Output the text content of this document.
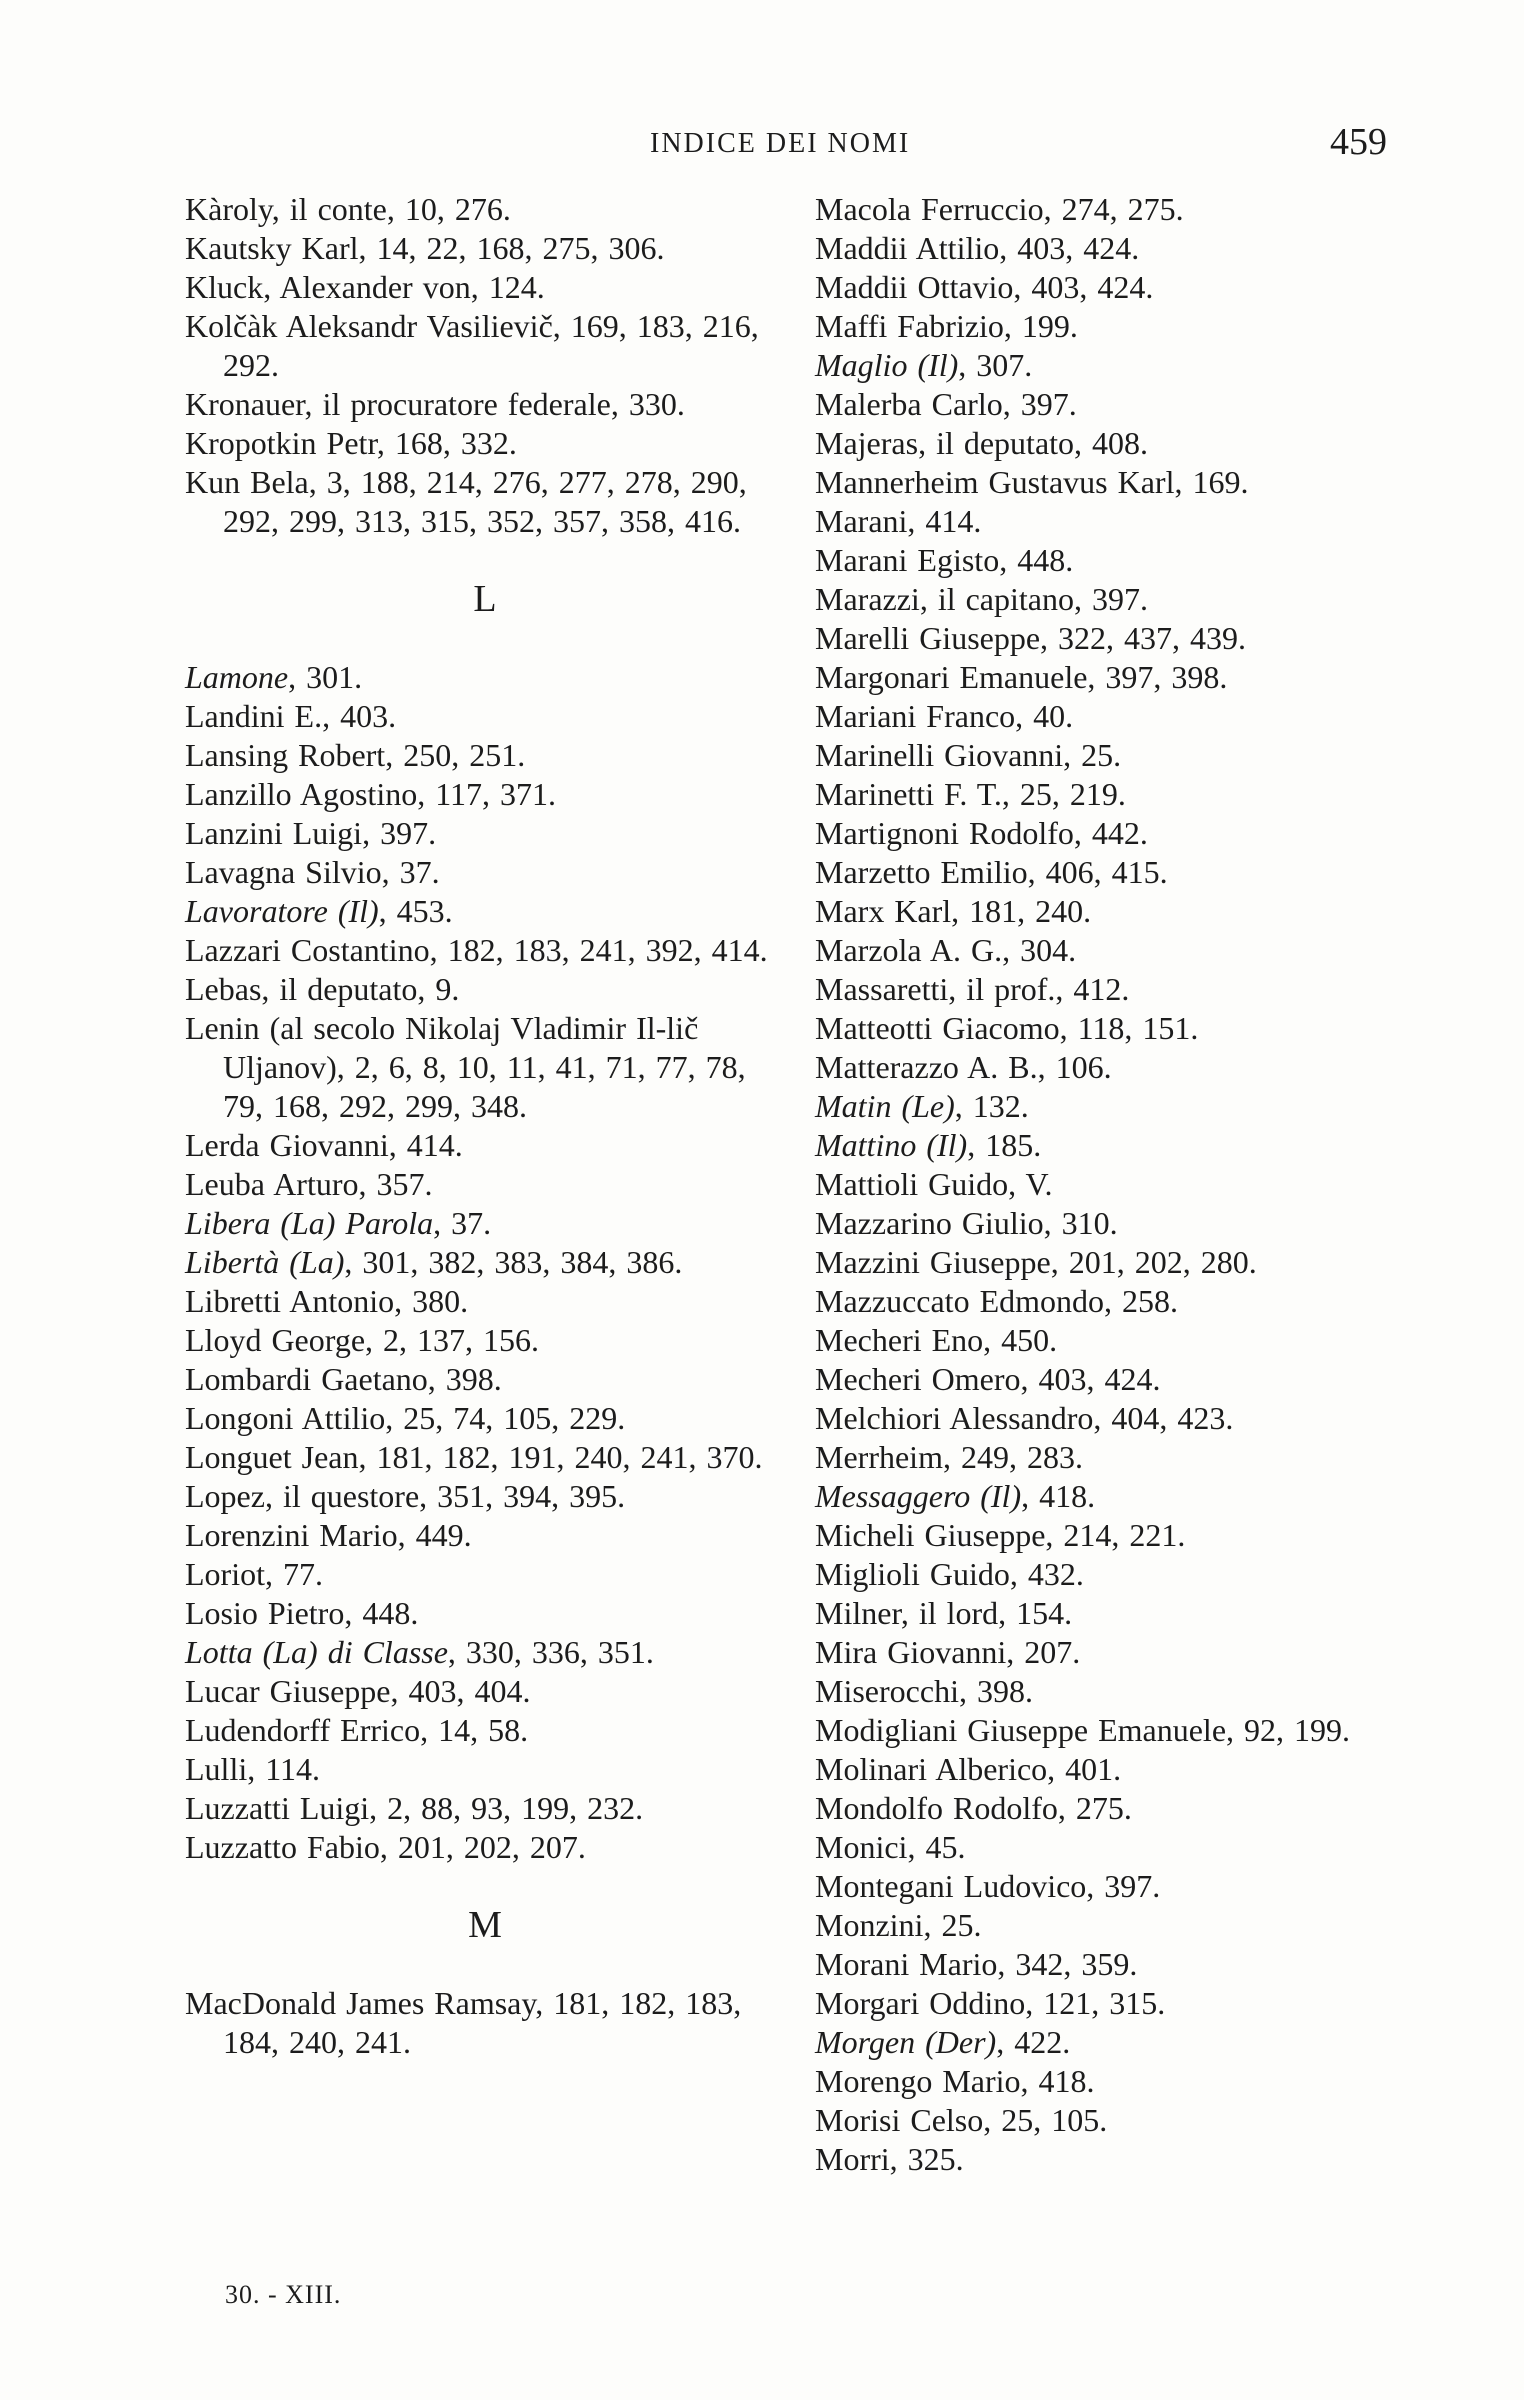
INDICE DEI NOMI	459
Kàroly, il conte, 10, 276.
Kautsky Karl, 14, 22, 168, 275, 306.
Kluck, Alexander von, 124.
Kolčàk Aleksandr Vasilievič, 169, 183, 216, 292.
Kronauer, il procuratore federale, 330.
Kropotkin Petr, 168, 332.
Kun Bela, 3, 188, 214, 276, 277, 278, 290, 292, 299, 313, 315, 352, 357, 358, 416.
L
Lamone, 301.
Landini E., 403.
Lansing Robert, 250, 251.
Lanzillo Agostino, 117, 371.
Lanzini Luigi, 397.
Lavagna Silvio, 37.
Lavoratore (Il), 453.
Lazzari Costantino, 182, 183, 241, 392, 414.
Lebas, il deputato, 9.
Lenin (al secolo Nikolaj Vladimir Il-lič Uljanov), 2, 6, 8, 10, 11, 41, 71, 77, 78, 79, 168, 292, 299, 348.
Lerda Giovanni, 414.
Leuba Arturo, 357.
Libera (La) Parola, 37.
Libertà (La), 301, 382, 383, 384, 386.
Libretti Antonio, 380.
Lloyd George, 2, 137, 156.
Lombardi Gaetano, 398.
Longoni Attilio, 25, 74, 105, 229.
Longuet Jean, 181, 182, 191, 240, 241, 370.
Lopez, il questore, 351, 394, 395.
Lorenzini Mario, 449.
Loriot, 77.
Losio Pietro, 448.
Lotta (La) di Classe, 330, 336, 351.
Lucar Giuseppe, 403, 404.
Ludendorff Errico, 14, 58.
Lulli, 114.
Luzzatti Luigi, 2, 88, 93, 199, 232.
Luzzatto Fabio, 201, 202, 207.
M
MacDonald James Ramsay, 181, 182, 183, 184, 240, 241.
Macola Ferruccio, 274, 275.
Maddii Attilio, 403, 424.
Maddii Ottavio, 403, 424.
Maffi Fabrizio, 199.
Maglio (Il), 307.
Malerba Carlo, 397.
Majeras, il deputato, 408.
Mannerheim Gustavus Karl, 169.
Marani, 414.
Marani Egisto, 448.
Marazzi, il capitano, 397.
Marelli Giuseppe, 322, 437, 439.
Margonari Emanuele, 397, 398.
Mariani Franco, 40.
Marinelli Giovanni, 25.
Marinetti F. T., 25, 219.
Martignoni Rodolfo, 442.
Marzetto Emilio, 406, 415.
Marx Karl, 181, 240.
Marzola A. G., 304.
Massaretti, il prof., 412.
Matteotti Giacomo, 118, 151.
Matterazzo A. B., 106.
Matin (Le), 132.
Mattino (Il), 185.
Mattioli Guido, V.
Mazzarino Giulio, 310.
Mazzini Giuseppe, 201, 202, 280.
Mazzuccato Edmondo, 258.
Mecheri Eno, 450.
Mecheri Omero, 403, 424.
Melchiori Alessandro, 404, 423.
Merrheim, 249, 283.
Messaggero (Il), 418.
Micheli Giuseppe, 214, 221.
Miglioli Guido, 432.
Milner, il lord, 154.
Mira Giovanni, 207.
Miserocchi, 398.
Modigliani Giuseppe Emanuele, 92, 199.
Molinari Alberico, 401.
Mondolfo Rodolfo, 275.
Monici, 45.
Montegani Ludovico, 397.
Monzini, 25.
Morani Mario, 342, 359.
Morgari Oddino, 121, 315.
Morgen (Der), 422.
Morengo Mario, 418.
Morisi Celso, 25, 105.
Morri, 325.
30. - XIII.
